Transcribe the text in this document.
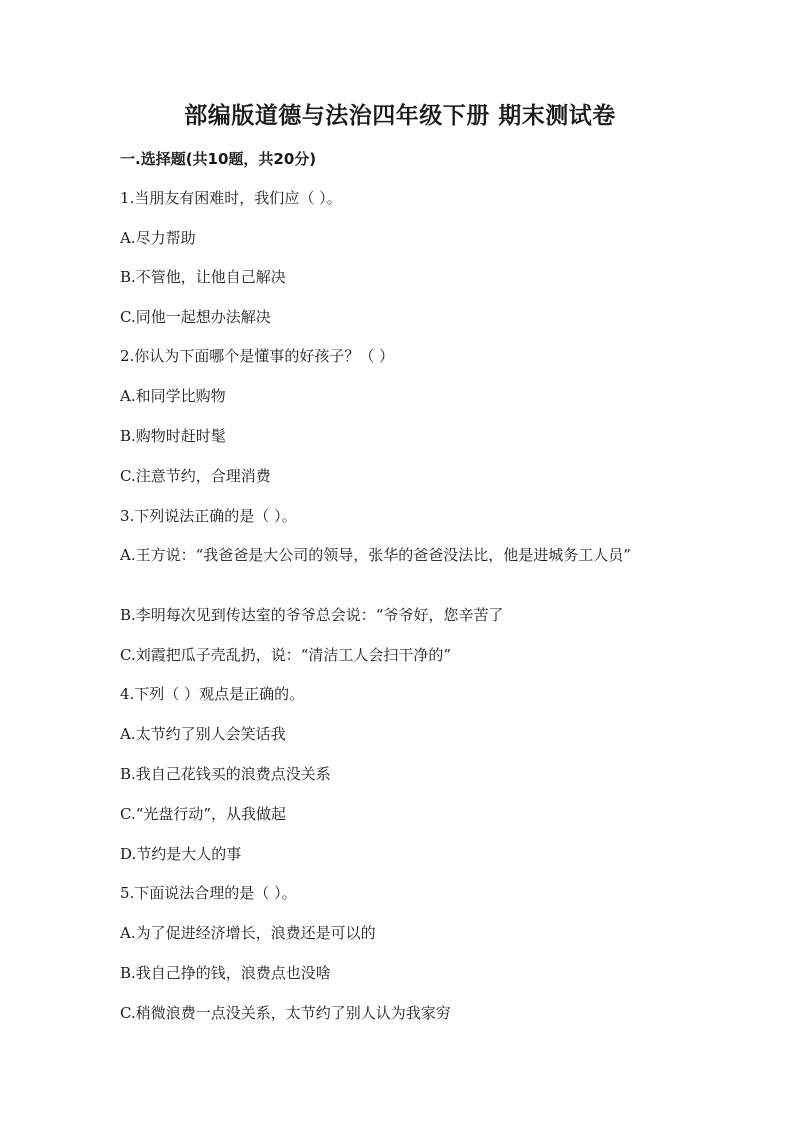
部编版道德与法治四年级下册 期末测试卷
一.选择题(共10题，共20分)
1.当朋友有困难时，我们应（ ）。
A.尽力帮助
B.不管他，让他自己解决
C.同他一起想办法解决
2.你认为下面哪个是懂事的好孩子？（ ）
A.和同学比购物
B.购物时赶时髦
C.注意节约，合理消费
3.下列说法正确的是（ ）。
A.王方说：“我爸爸是大公司的领导，张华的爸爸没法比，他是进城务工人员”
B.李明每次见到传达室的爷爷总会说：“爷爷好，您辛苦了
C.刘霞把瓜子壳乱扔，说：“清洁工人会扫干净的”
4.下列（ ）观点是正确的。
A.太节约了别人会笑话我
B.我自己花钱买的浪费点没关系
C.“光盘行动”，从我做起
D.节约是大人的事
5.下面说法合理的是（ ）。
A.为了促进经济增长，浪费还是可以的
B.我自己挣的钱，浪费点也没啥
C.稍微浪费一点没关系，太节约了别人认为我家穷
